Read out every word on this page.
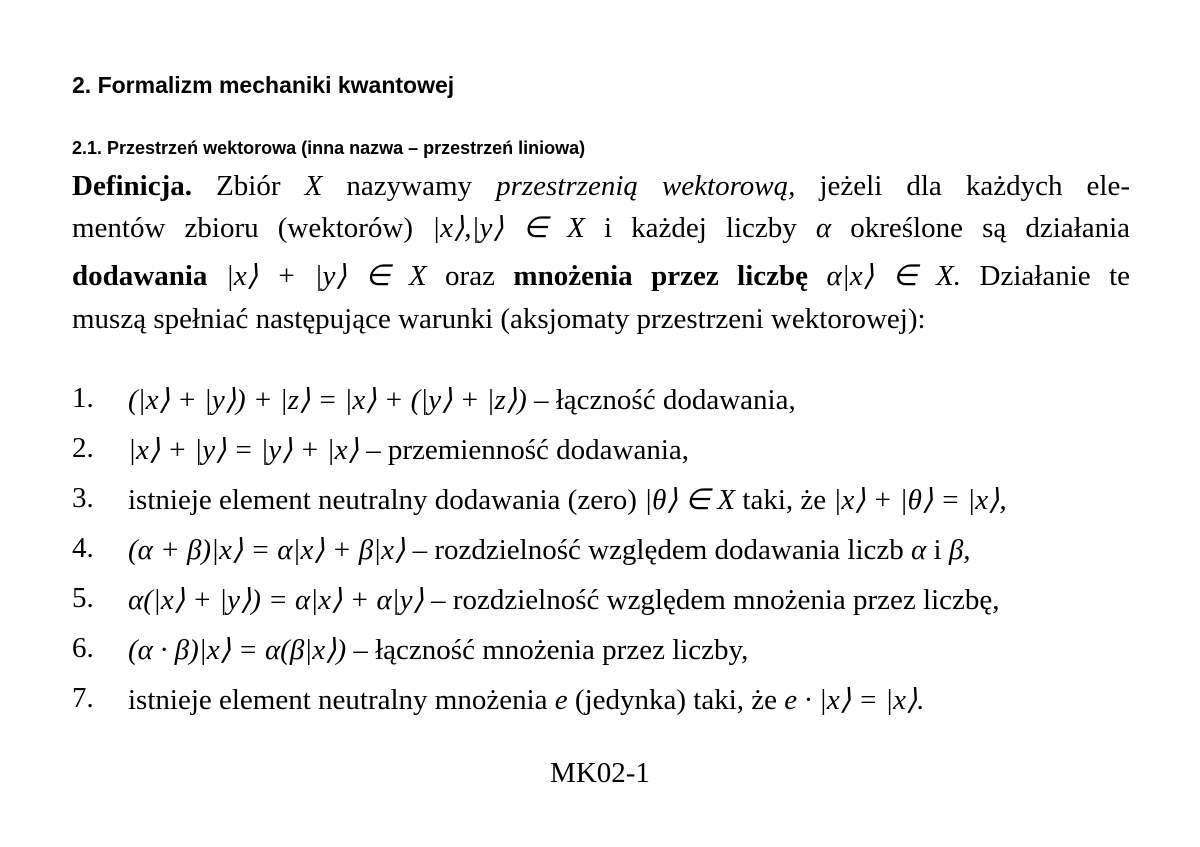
2. Formalizm mechaniki kwantowej
2.1. Przestrzeń wektorowa (inna nazwa – przestrzeń liniowa)
Definicja. Zbiór X nazywamy przestrzenią wektorową, jeżeli dla każdych ele-
mentów zbioru (wektorów) |x⟩,|y⟩ ∈ X i każdej liczby α określone są działania
dodawania |x⟩ + |y⟩ ∈ X oraz mnożenia przez liczbę α|x⟩ ∈ X. Działanie te
muszą spełniać następujące warunki (aksjomaty przestrzeni wektorowej):
1.	(|x⟩ + |y⟩) + |z⟩ = |x⟩ + (|y⟩ + |z⟩) – łączność dodawania,
2.	|x⟩ + |y⟩ = |y⟩ + |x⟩ – przemienność dodawania,
3.	istnieje element neutralny dodawania (zero) |θ⟩ ∈ X taki, że |x⟩ + |θ⟩ = |x⟩,
4.	(α + β)|x⟩ = α|x⟩ + β|x⟩ – rozdzielność względem dodawania liczb α i β,
5.	α(|x⟩ + |y⟩) = α|x⟩ + α|y⟩ – rozdzielność względem mnożenia przez liczbę,
6.	(α · β)|x⟩ = α(β|x⟩) – łączność mnożenia przez liczby,
7.	istnieje element neutralny mnożenia e (jedynka) taki, że e · |x⟩ = |x⟩.
MK02-1
